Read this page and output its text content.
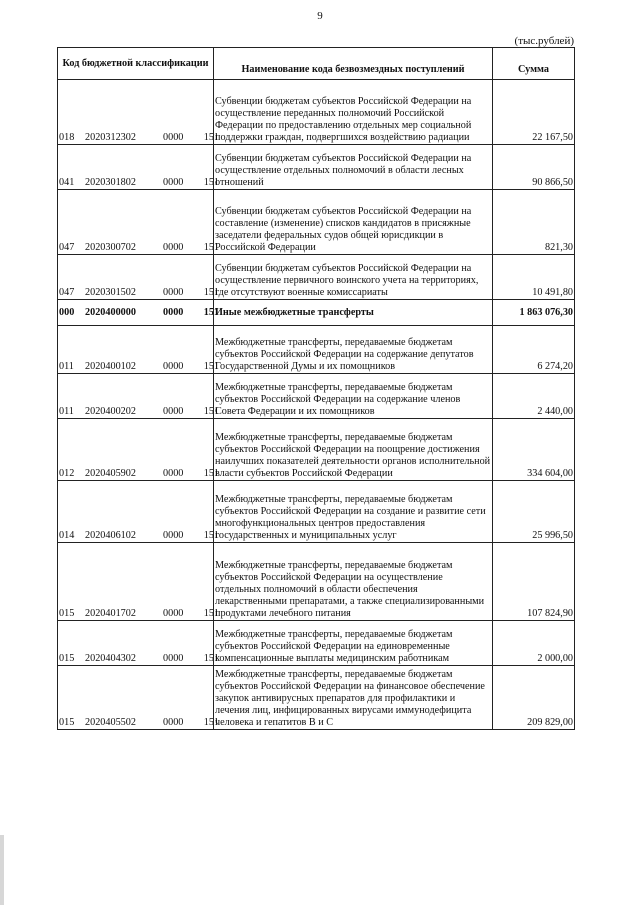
9
(тыс.рублей)
Код бюджетной классификации	Наименование кода безвозмездных поступлений	Сумма
018 2020312302 0000 151	Субвенции бюджетам субъектов Российской Федерации на осуществление переданных полномочий Российской Федерации по предоставлению отдельных мер социальной поддержки граждан, подвергшихся воздействию радиации	22 167,50
041 2020301802 0000 151	Субвенции бюджетам субъектов Российской Федерации на осуществление отдельных полномочий в области лесных отношений	90 866,50
047 2020300702 0000 151	Субвенции бюджетам субъектов Российской Федерации на составление (изменение) списков кандидатов в присяжные заседатели федеральных судов общей юрисдикции в Российской Федерации	821,30
047 2020301502 0000 151	Субвенции бюджетам субъектов Российской Федерации на осуществление первичного воинского учета на территориях, где отсутствуют военные комиссариаты	10 491,80
000 2020400000 0000 151	Иные межбюджетные трансферты	1 863 076,30
011 2020400102 0000 151	Межбюджетные трансферты, передаваемые бюджетам субъектов Российской Федерации на содержание депутатов Государственной Думы и их помощников	6 274,20
011 2020400202 0000 151	Межбюджетные трансферты, передаваемые бюджетам субъектов Российской Федерации на содержание членов Совета Федерации и их помощников	2 440,00
012 2020405902 0000 151	Межбюджетные трансферты, передаваемые бюджетам субъектов Российской Федерации на поощрение достижения наилучших показателей деятельности органов исполнительной власти субъектов Российской Федерации	334 604,00
014 2020406102 0000 151	Межбюджетные трансферты, передаваемые бюджетам субъектов Российской Федерации на создание и развитие сети многофункциональных центров предоставления государственных и муниципальных услуг	25 996,50
015 2020401702 0000 151	Межбюджетные трансферты, передаваемые бюджетам субъектов Российской Федерации на осуществление отдельных полномочий в области обеспечения лекарственными препаратами, а также специализированными продуктами лечебного питания	107 824,90
015 2020404302 0000 151	Межбюджетные трансферты, передаваемые бюджетам субъектов Российской Федерации на единовременные компенсационные выплаты медицинским работникам	2 000,00
015 2020405502 0000 151	Межбюджетные трансферты, передаваемые бюджетам субъектов Российской Федерации на финансовое обеспечение закупок антивирусных препаратов для профилактики и лечения лиц, инфицированных вирусами иммунодефицита человека и гепатитов В и С	209 829,00
